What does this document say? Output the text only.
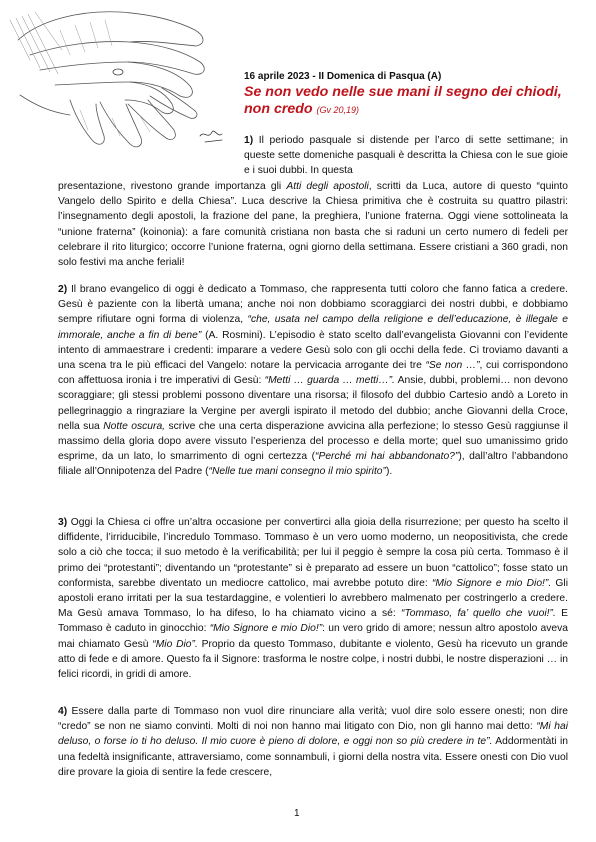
16 aprile 2023 - II Domenica di Pasqua (A)
Se non vedo nelle sue mani il segno dei chiodi, non credo (Gv 20,19)
1) Il periodo pasquale si distende per l’arco di sette settimane; in queste sette domeniche pasquali è descritta la Chiesa con le sue gioie e i suoi dubbi. In questa

presentazione, rivestono grande importanza gli Atti degli apostoli, scritti da Luca, autore di questo “quinto Vangelo dello Spirito e della Chiesa”. Luca descrive la Chiesa primitiva che è costruita su quattro pilastri: l’insegnamento degli apostoli, la frazione del pane, la preghiera, l’unione fraterna. Oggi viene sottolineata la “unione fraterna” (koinonia): a fare comunità cristiana non basta che si raduni un certo numero di fedeli per celebrare il rito liturgico; occorre l’unione fraterna, ogni giorno della settimana. Essere cristiani a 360 gradi, non solo festivi ma anche feriali!

2) Il brano evangelico di oggi è dedicato a Tommaso, che rappresenta tutti coloro che fanno fatica a credere. Gesù è paziente con la libertà umana; anche noi non dobbiamo scoraggiarci dei nostri dubbi, e dobbiamo sempre rifiutare ogni forma di violenza, “che, usata nel campo della religione e dell’educazione, è illegale e immorale, anche a fin di bene” (A. Rosmini). L’episodio è stato scelto dall’evangelista Giovanni con l’evidente intento di ammaestrare i credenti: imparare a vedere Gesù solo con gli occhi della fede. Ci troviamo davanti a una scena tra le più efficaci del Vangelo: notare la pervicacia arrogante dei tre “Se non …”, cui corrispondono con affettuosa ironia i tre imperativi di Gesù: “Metti … guarda … metti…”. Ansie, dubbi, problemi… non devono scoraggiare; gli stessi problemi possono diventare una risorsa; il filosofo del dubbio Cartesio andò a Loreto in pellegrinaggio a ringraziare la Vergine per avergli ispirato il metodo del dubbio; anche Giovanni della Croce, nella sua Notte oscura, scrive che una certa disperazione avvicina alla perfezione; lo stesso Gesù raggiunse il massimo della gloria dopo avere vissuto l’esperienza del processo e della morte; quel suo umanissimo grido esprime, da un lato, lo smarrimento di ogni certezza (“Perché mi hai abbandonato?”), dall’altro l’abbandono filiale all’Onnipotenza del Padre (“Nelle tue mani consegno il mio spirito”).

3) Oggi la Chiesa ci offre un’altra occasione per convertirci alla gioia della risurrezione; per questo ha scelto il diffidente, l’irriducibile, l’incredulo Tommaso. Tommaso è un vero uomo moderno, un neopositivista, che crede solo a ciò che tocca; il suo metodo è la verificabilità; per lui il peggio è sempre la cosa più certa. Tommaso è il primo dei “protestanti”; diventando un “protestante” si è preparato ad essere un buon “cattolico”; fosse stato un conformista, sarebbe diventato un mediocre cattolico, mai avrebbe potuto dire: “Mio Signore e mio Dio!”. Gli apostoli erano irritati per la sua testardaggine, e volentieri lo avrebbero malmenato per costringerlo a credere. Ma Gesù amava Tommaso, lo ha difeso, lo ha chiamato vicino a sé: “Tommaso, fa’ quello che vuoi!”. E Tommaso è caduto in ginocchio: “Mio Signore e mio Dio!”: un vero grido di amore; nessun altro apostolo aveva mai chiamato Gesù “Mio Dio”. Proprio da questo Tommaso, dubitante e violento, Gesù ha ricevuto un grande atto di fede e di amore. Questo fa il Signore: trasforma le nostre colpe, i nostri dubbi, le nostre disperazioni … in felici ricordi, in gridi di amore.

4) Essere dalla parte di Tommaso non vuol dire rinunciare alla verità; vuol dire solo essere onesti; non dire “credo” se non ne siamo convinti. Molti di noi non hanno mai litigato con Dio, non gli hanno mai detto: “Mi hai deluso, o forse io ti ho deluso. Il mio cuore è pieno di dolore, e oggi non so più credere in te”. Addormentàti in una fedeltà insignificante, attraversiamo, come sonnambuli, i giorni della nostra vita. Essere onesti con Dio vuol dire provare la gioia di sentire la fede crescere,

1
